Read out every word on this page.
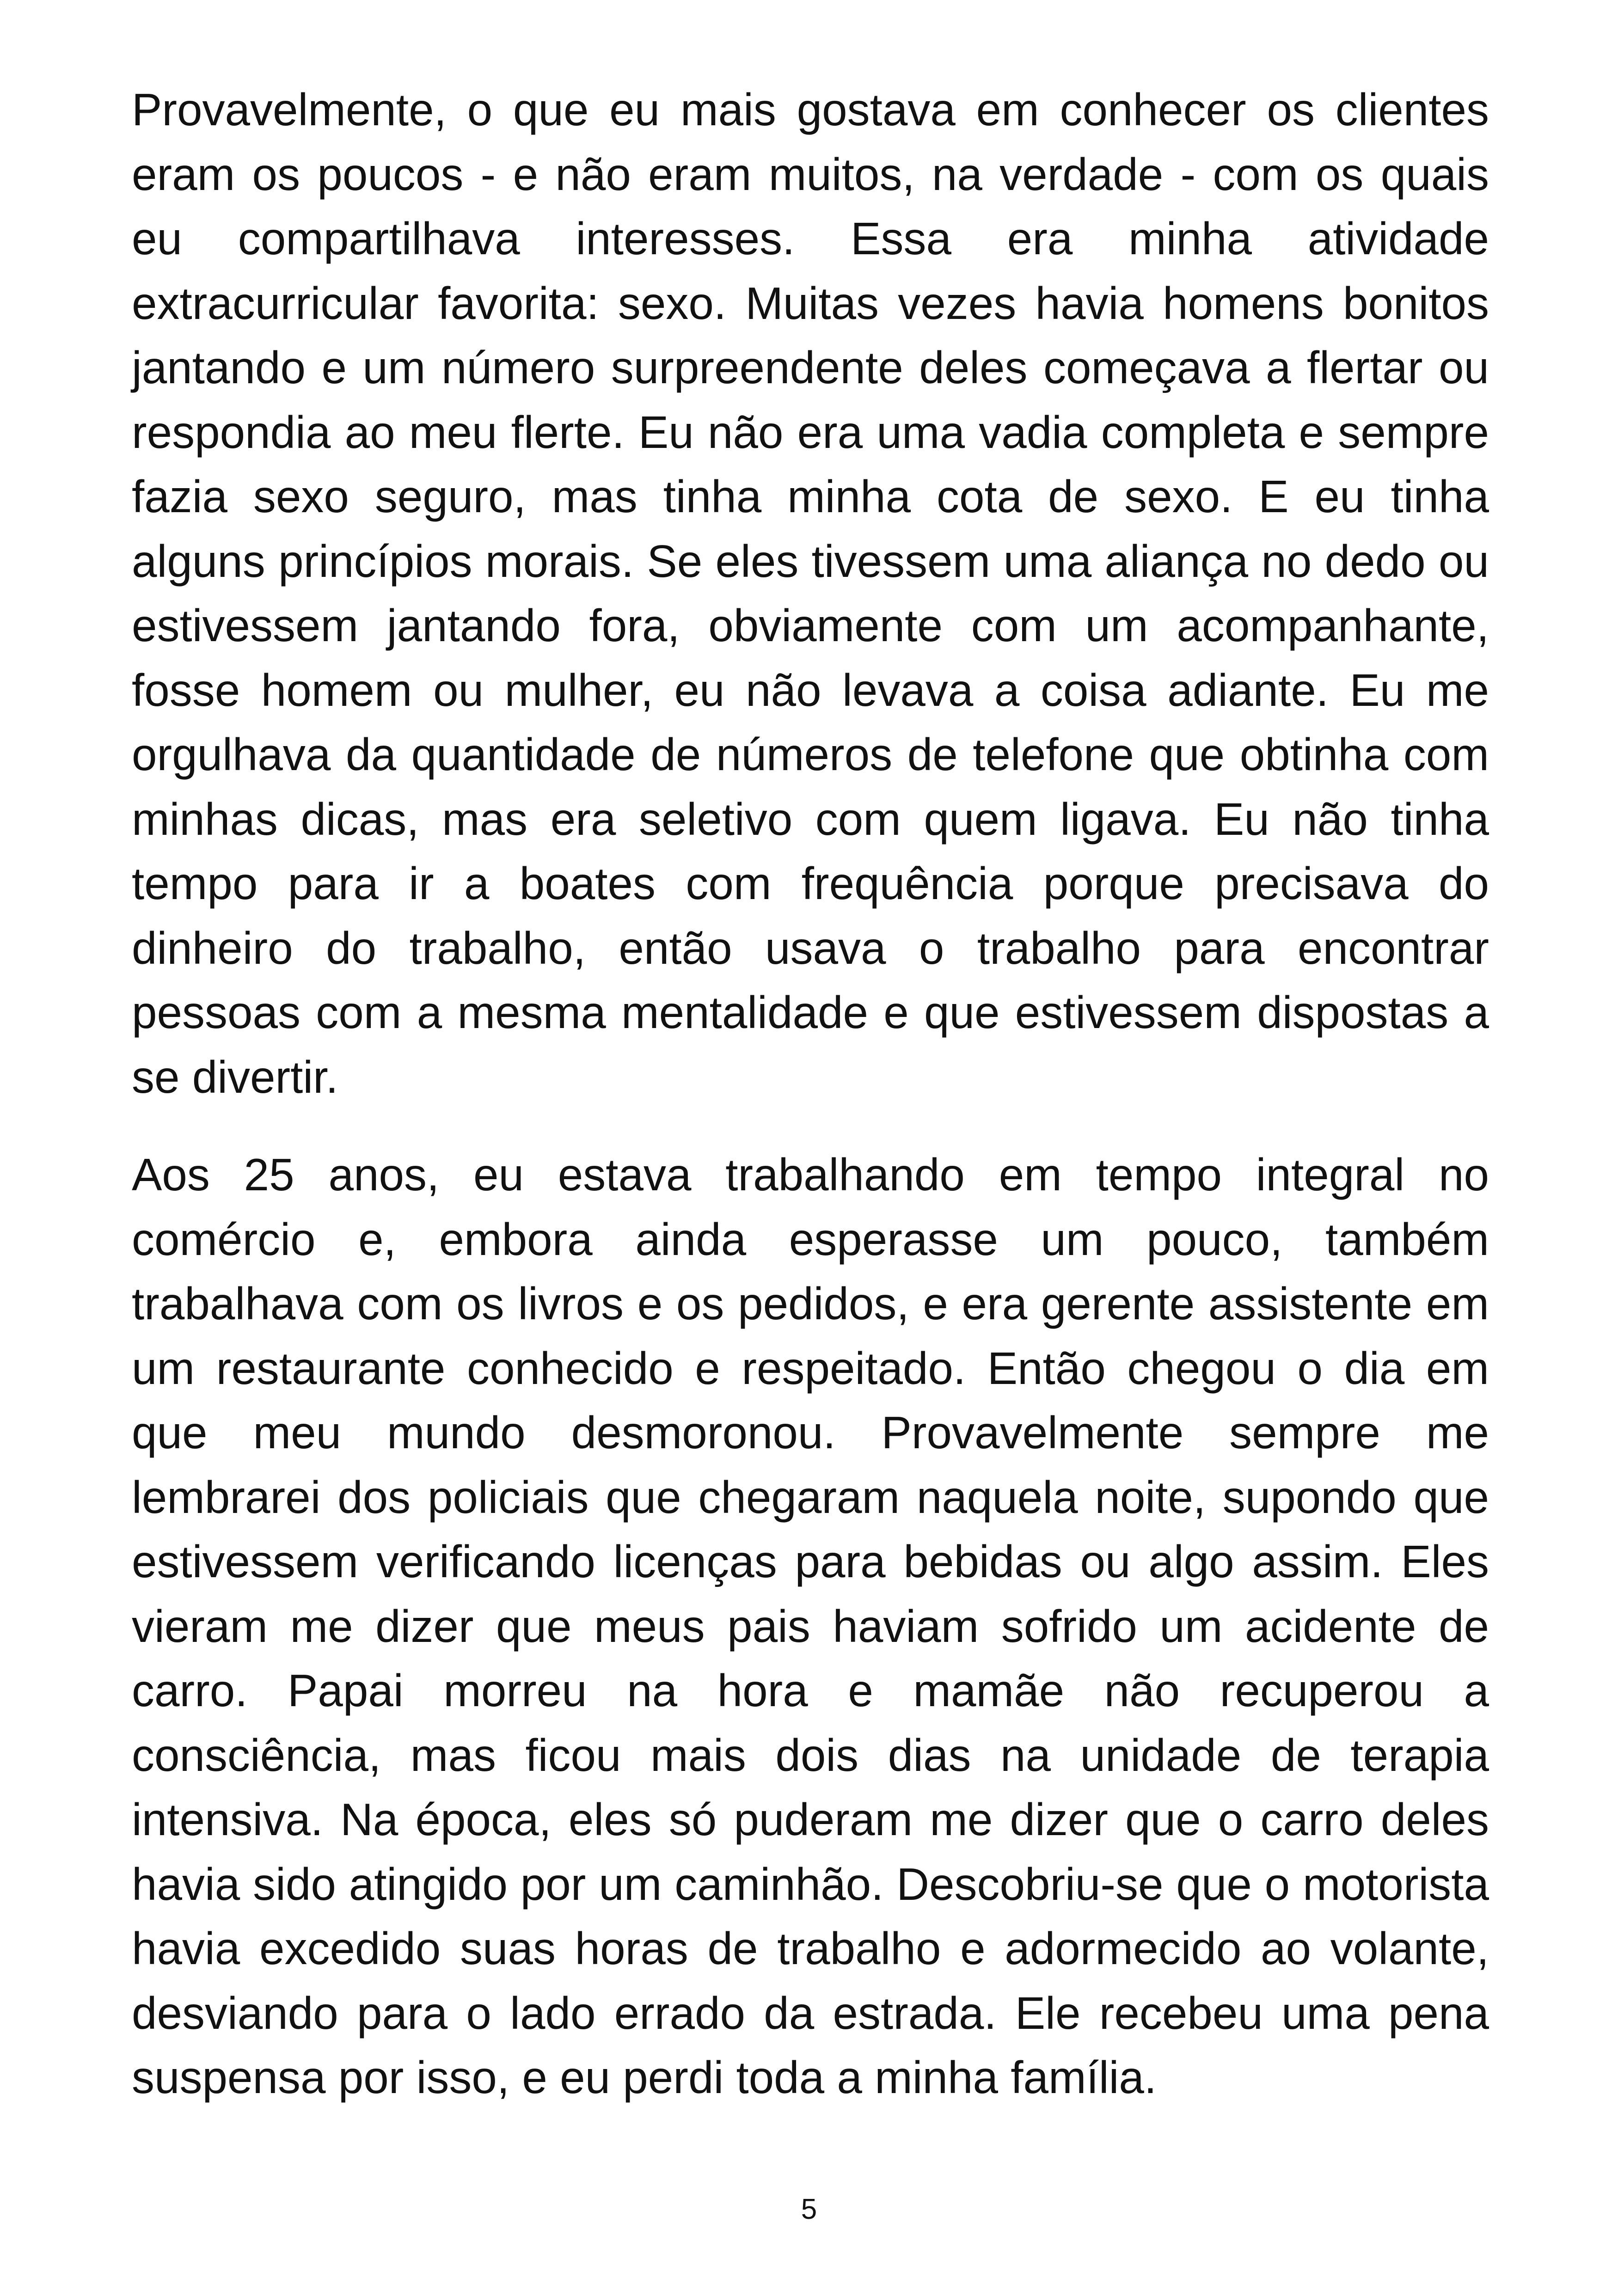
Provavelmente, o que eu mais gostava em conhecer os clientes eram os poucos - e não eram muitos, na verdade - com os quais eu compartilhava interesses. Essa era minha atividade extracurricular favorita: sexo. Muitas vezes havia homens bonitos jantando e um número surpreendente deles começava a flertar ou respondia ao meu flerte. Eu não era uma vadia completa e sempre fazia sexo seguro, mas tinha minha cota de sexo. E eu tinha alguns princípios morais. Se eles tivessem uma aliança no dedo ou estivessem jantando fora, obviamente com um acompanhante, fosse homem ou mulher, eu não levava a coisa adiante. Eu me orgulhava da quantidade de números de telefone que obtinha com minhas dicas, mas era seletivo com quem ligava. Eu não tinha tempo para ir a boates com frequência porque precisava do dinheiro do trabalho, então usava o trabalho para encontrar pessoas com a mesma mentalidade e que estivessem dispostas a se divertir.

Aos 25 anos, eu estava trabalhando em tempo integral no comércio e, embora ainda esperasse um pouco, também trabalhava com os livros e os pedidos, e era gerente assistente em um restaurante conhecido e respeitado. Então chegou o dia em que meu mundo desmoronou. Provavelmente sempre me lembrarei dos policiais que chegaram naquela noite, supondo que estivessem verificando licenças para bebidas ou algo assim. Eles vieram me dizer que meus pais haviam sofrido um acidente de carro. Papai morreu na hora e mamãe não recuperou a consciência, mas ficou mais dois dias na unidade de terapia intensiva. Na época, eles só puderam me dizer que o carro deles havia sido atingido por um caminhão. Descobriu-se que o motorista havia excedido suas horas de trabalho e adormecido ao volante, desviando para o lado errado da estrada. Ele recebeu uma pena suspensa por isso, e eu perdi toda a minha família.

5
